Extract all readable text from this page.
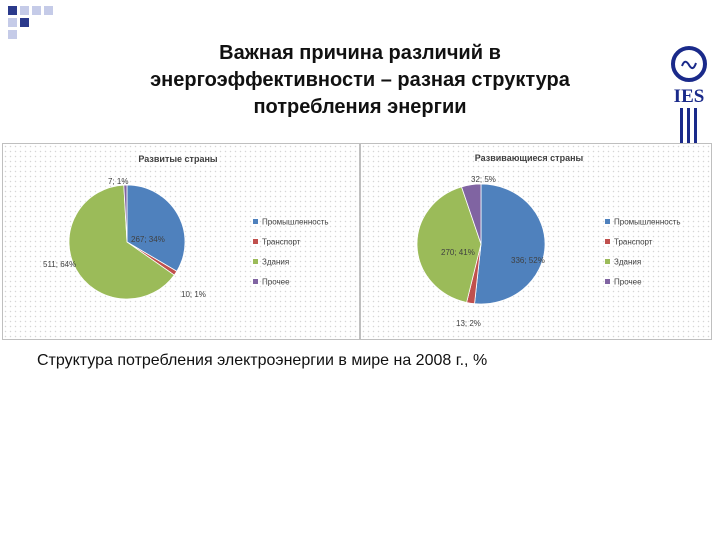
Важная причина различий в
энергоэффективности – разная структура
потребления энергии	IES
Развитые страны
267; 34%
10; 1%
511; 64%
7; 1%
Промышленность
Транспорт
Здания
Прочее
Развивающиеся страны
336; 52%
13; 2%
270; 41%
32; 5%
Промышленность
Транспорт
Здания
Прочее
Структура потребления электроэнергии в мире на 2008 г., %
